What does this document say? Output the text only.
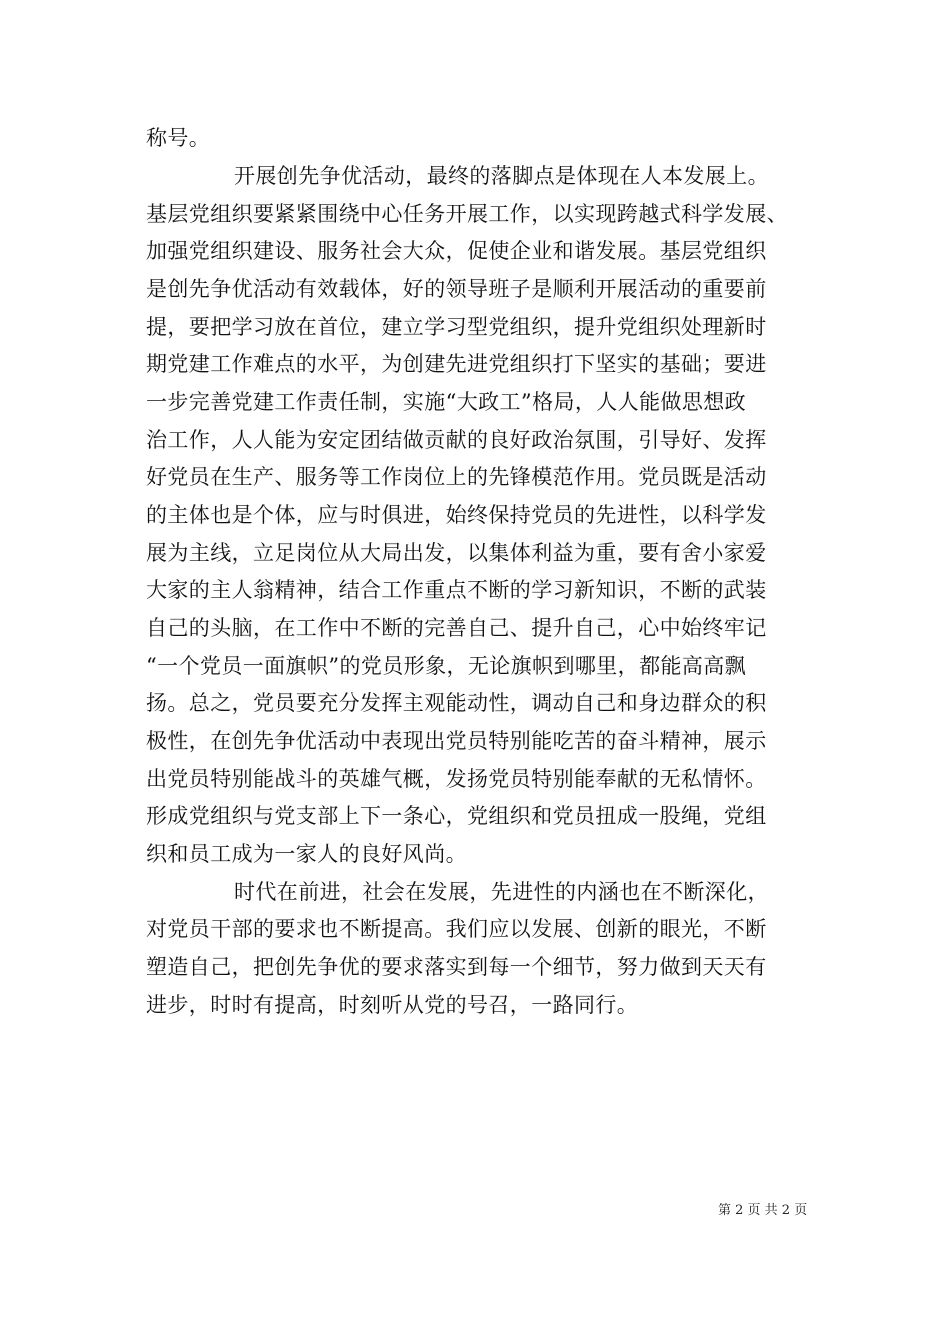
称号。
开展创先争优活动，最终的落脚点是体现在人本发展上。
基层党组织要紧紧围绕中心任务开展工作，以实现跨越式科学发展、
加强党组织建设、服务社会大众，促使企业和谐发展。基层党组织
是创先争优活动有效载体，好的领导班子是顺利开展活动的重要前
提，要把学习放在首位，建立学习型党组织，提升党组织处理新时
期党建工作难点的水平，为创建先进党组织打下坚实的基础；要进
一步完善党建工作责任制，实施“大政工”格局，人人能做思想政
治工作，人人能为安定团结做贡献的良好政治氛围，引导好、发挥
好党员在生产、服务等工作岗位上的先锋模范作用。党员既是活动
的主体也是个体，应与时俱进，始终保持党员的先进性，以科学发
展为主线，立足岗位从大局出发，以集体利益为重，要有舍小家爱
大家的主人翁精神，结合工作重点不断的学习新知识，不断的武装
自己的头脑，在工作中不断的完善自己、提升自己，心中始终牢记
“一个党员一面旗帜”的党员形象，无论旗帜到哪里，都能高高飘
扬。总之，党员要充分发挥主观能动性，调动自己和身边群众的积
极性，在创先争优活动中表现出党员特别能吃苦的奋斗精神，展示
出党员特别能战斗的英雄气概，发扬党员特别能奉献的无私情怀。
形成党组织与党支部上下一条心，党组织和党员扭成一股绳，党组
织和员工成为一家人的良好风尚。
时代在前进，社会在发展，先进性的内涵也在不断深化，
对党员干部的要求也不断提高。我们应以发展、创新的眼光，不断
塑造自己，把创先争优的要求落实到每一个细节，努力做到天天有
进步，时时有提高，时刻听从党的号召，一路同行。
第 2 页 共 2 页
